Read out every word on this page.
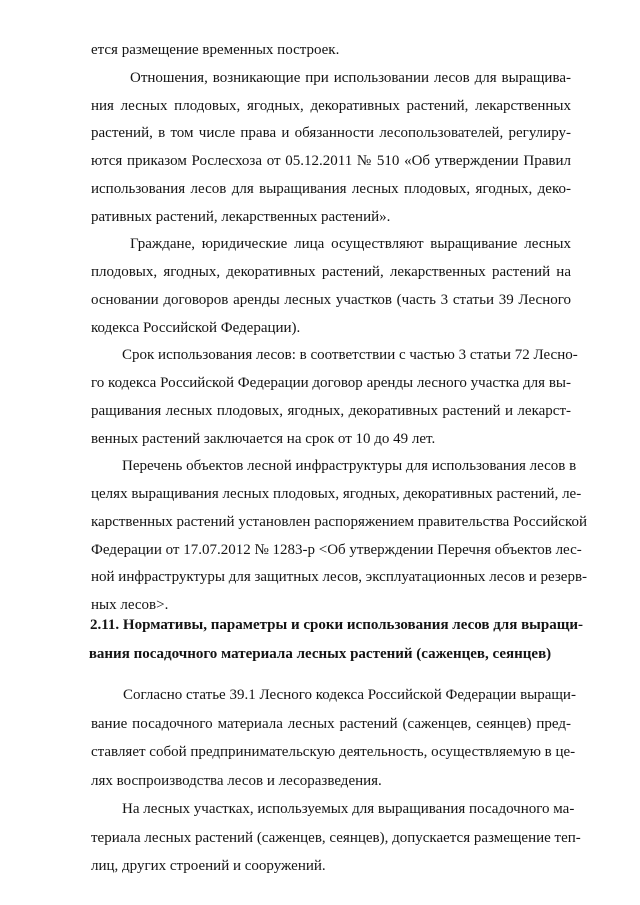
ется размещение временных построек.
Отношения, возникающие при использовании лесов для выращива-
ния лесных плодовых, ягодных, декоративных растений, лекарственных
растений, в том числе права и обязанности лесопользователей, регулиру-
ются приказом Рослесхоза от 05.12.2011 № 510 «Об утверждении Правил
использования лесов для выращивания лесных плодовых, ягодных, деко-
ративных растений, лекарственных растений».
Граждане, юридические лица осуществляют выращивание лесных
плодовых, ягодных, декоративных растений, лекарственных растений на
основании договоров аренды лесных участков (часть 3 статьи 39 Лесного
кодекса Российской Федерации).
Срок использования лесов: в соответствии с частью 3 статьи 72 Лесно-
го кодекса Российской Федерации договор аренды лесного участка для вы-
ращивания лесных плодовых, ягодных, декоративных растений и лекарст-
венных растений заключается на срок от 10 до 49 лет.
Перечень объектов лесной инфраструктуры для использования лесов в
целях выращивания лесных плодовых, ягодных, декоративных растений, ле-
карственных растений установлен распоряжением правительства Российской
Федерации от 17.07.2012 № 1283-р <Об утверждении Перечня объектов лес-
ной инфраструктуры для защитных лесов, эксплуатационных лесов и резерв-
ных лесов>.
2.11. Нормативы, параметры и сроки использования лесов для выращи-
вания посадочного материала лесных растений (саженцев, сеянцев)
Согласно статье 39.1 Лесного кодекса Российской Федерации выращи-
вание посадочного материала лесных растений (саженцев, сеянцев) пред-
ставляет собой предпринимательскую деятельность, осуществляемую в це-
лях воспроизводства лесов и лесоразведения.
На лесных участках, используемых для выращивания посадочного ма-
териала лесных растений (саженцев, сеянцев), допускается размещение теп-
лиц, других строений и сооружений.
